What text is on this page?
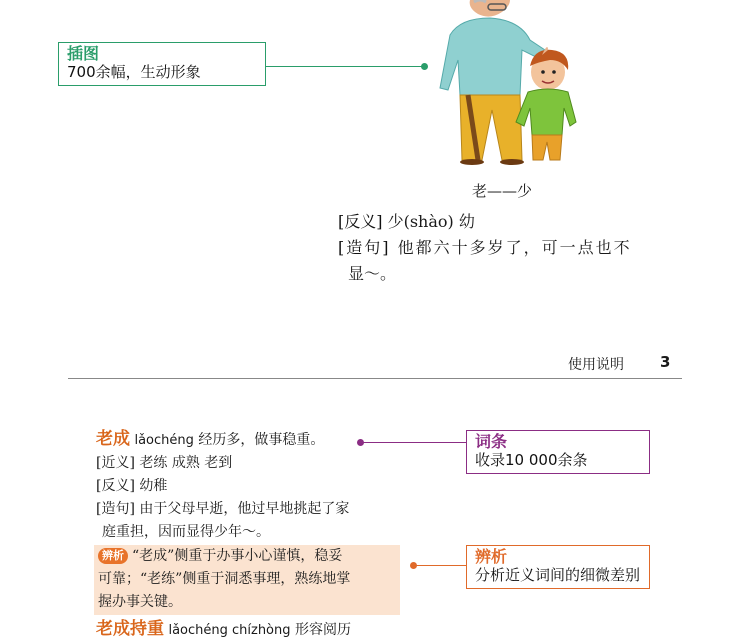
插图
700余幅，生动形象
老——少
[反义] 少(shào) 幼
[造句] 他都六十多岁了，可一点也不
显～。
使用说明 3
老成 lǎochéng 经历多，做事稳重。
[近义] 老练 成熟 老到
[反义] 幼稚
[造句] 由于父母早逝，他过早地挑起了家
庭重担，因而显得少年～。
辨析 “老成”侧重于办事小心谨慎，稳妥
可靠；“老练”侧重于洞悉事理，熟练地掌
握办事关键。
老成持重 lǎochéng chízhòng 形容阅历
词条
收录10 000余条
辨析
分析近义词间的细微差别
